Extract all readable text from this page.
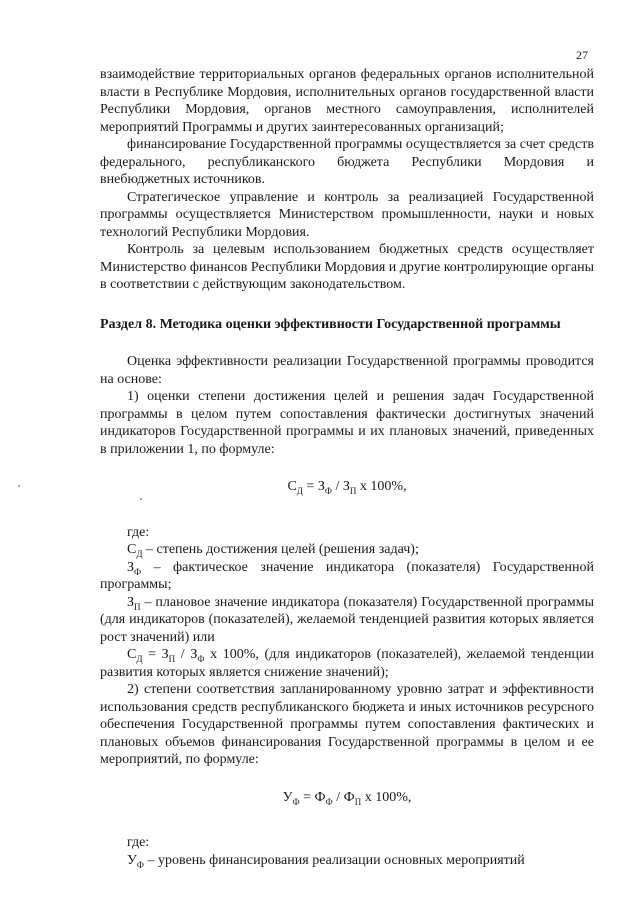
27

взаимодействие территориальных органов федеральных органов исполнительной власти в Республике Мордовия, исполнительных органов государственной власти Республики Мордовия, органов местного самоуправления, исполнителей мероприятий Программы и других заинтересованных организаций;

финансирование Государственной программы осуществляется за счет средств федерального, республиканского бюджета Республики Мордовия и внебюджетных источников.

Стратегическое управление и контроль за реализацией Государственной программы осуществляется Министерством промышленности, науки и новых технологий Республики Мордовия.

Контроль за целевым использованием бюджетных средств осуществляет Министерство финансов Республики Мордовия и другие контролирующие органы в соответствии с действующим законодательством.

Раздел 8. Методика оценки эффективности Государственной программы

Оценка эффективности реализации Государственной программы проводится на основе:

1) оценки степени достижения целей и решения задач Государственной программы в целом путем сопоставления фактически достигнутых значений индикаторов Государственной программы и их плановых значений, приведенных в приложении 1, по формуле:

$С_Д = З_Ф / З_П$ х 100%,

где:

$С_Д$ – степень достижения целей (решения задач);

$З_Ф$ – фактическое значение индикатора (показателя) Государственной программы;

$З_П$ – плановое значение индикатора (показателя) Государственной программы (для индикаторов (показателей), желаемой тенденцией развития которых является рост значений) или

$С_Д = З_П / З_Ф$ х 100%, (для индикаторов (показателей), желаемой тенденции развития которых является снижение значений);

2) степени соответствия запланированному уровню затрат и эффективности использования средств республиканского бюджета и иных источников ресурсного обеспечения Государственной программы путем сопоставления фактических и плановых объемов финансирования Государственной программы в целом и ее мероприятий, по формуле:

$У_Ф = Ф_Ф / Ф_П$ х 100%,

где:

$У_Ф$ – уровень финансирования реализации основных мероприятий
